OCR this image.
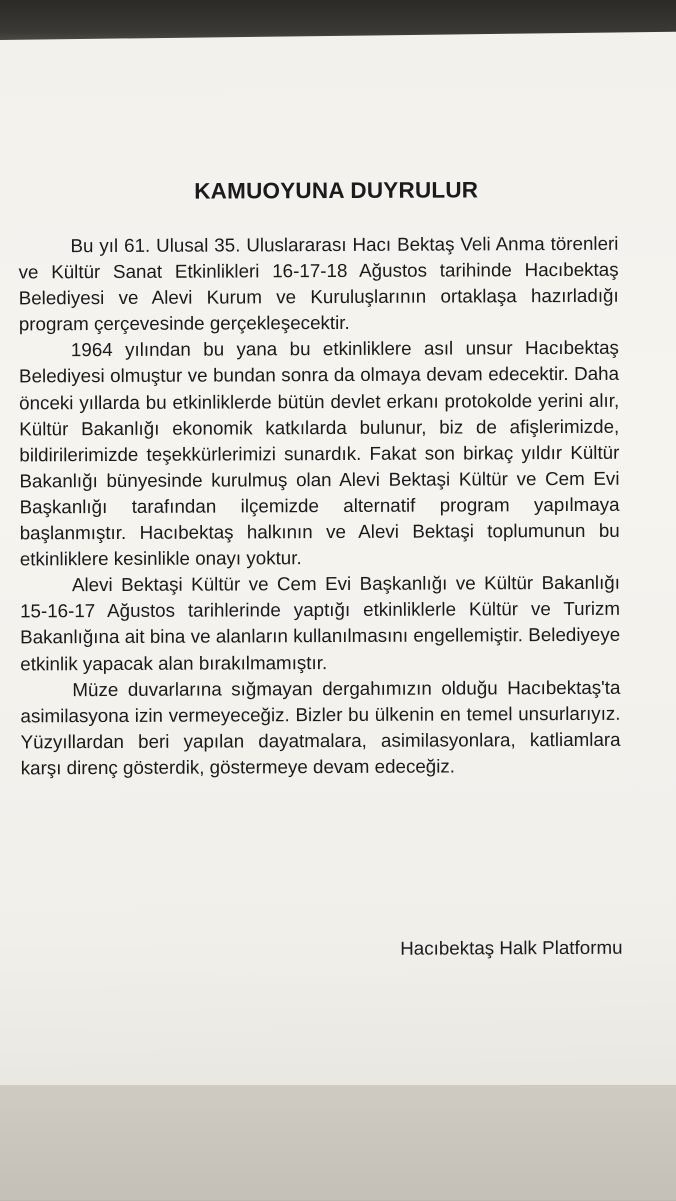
KAMUOYUNA DUYRULUR

Bu yıl 61. Ulusal 35. Uluslararası Hacı Bektaş Veli Anma törenleri ve Kültür Sanat Etkinlikleri 16-17-18 Ağustos tarihinde Hacıbektaş Belediyesi ve Alevi Kurum ve Kuruluşlarının ortaklaşa hazırladığı program çerçevesinde gerçekleşecektir.

1964 yılından bu yana bu etkinliklere asıl unsur Hacıbektaş Belediyesi olmuştur ve bundan sonra da olmaya devam edecektir. Daha önceki yıllarda bu etkinliklerde bütün devlet erkanı protokolde yerini alır, Kültür Bakanlığı ekonomik katkılarda bulunur, biz de afişlerimizde, bildirilerimizde teşekkürlerimizi sunardık. Fakat son birkaç yıldır Kültür Bakanlığı bünyesinde kurulmuş olan Alevi Bektaşi Kültür ve Cem Evi Başkanlığı tarafından ilçemizde alternatif program yapılmaya başlanmıştır. Hacıbektaş halkının ve Alevi Bektaşi toplumunun bu etkinliklere kesinlikle onayı yoktur.

Alevi Bektaşi Kültür ve Cem Evi Başkanlığı ve Kültür Bakanlığı 15-16-17 Ağustos tarihlerinde yaptığı etkinliklerle Kültür ve Turizm Bakanlığına ait bina ve alanların kullanılmasını engellemiştir. Belediyeye etkinlik yapacak alan bırakılmamıştır.

Müze duvarlarına sığmayan dergahımızın olduğu Hacıbektaş'ta asimilasyona izin vermeyeceğiz. Bizler bu ülkenin en temel unsurlarıyız. Yüzyıllardan beri yapılan dayatmalara, asimilasyonlara, katliamlara karşı direnç gösterdik, göstermeye devam edeceğiz.

Hacıbektaş Halk Platformu
